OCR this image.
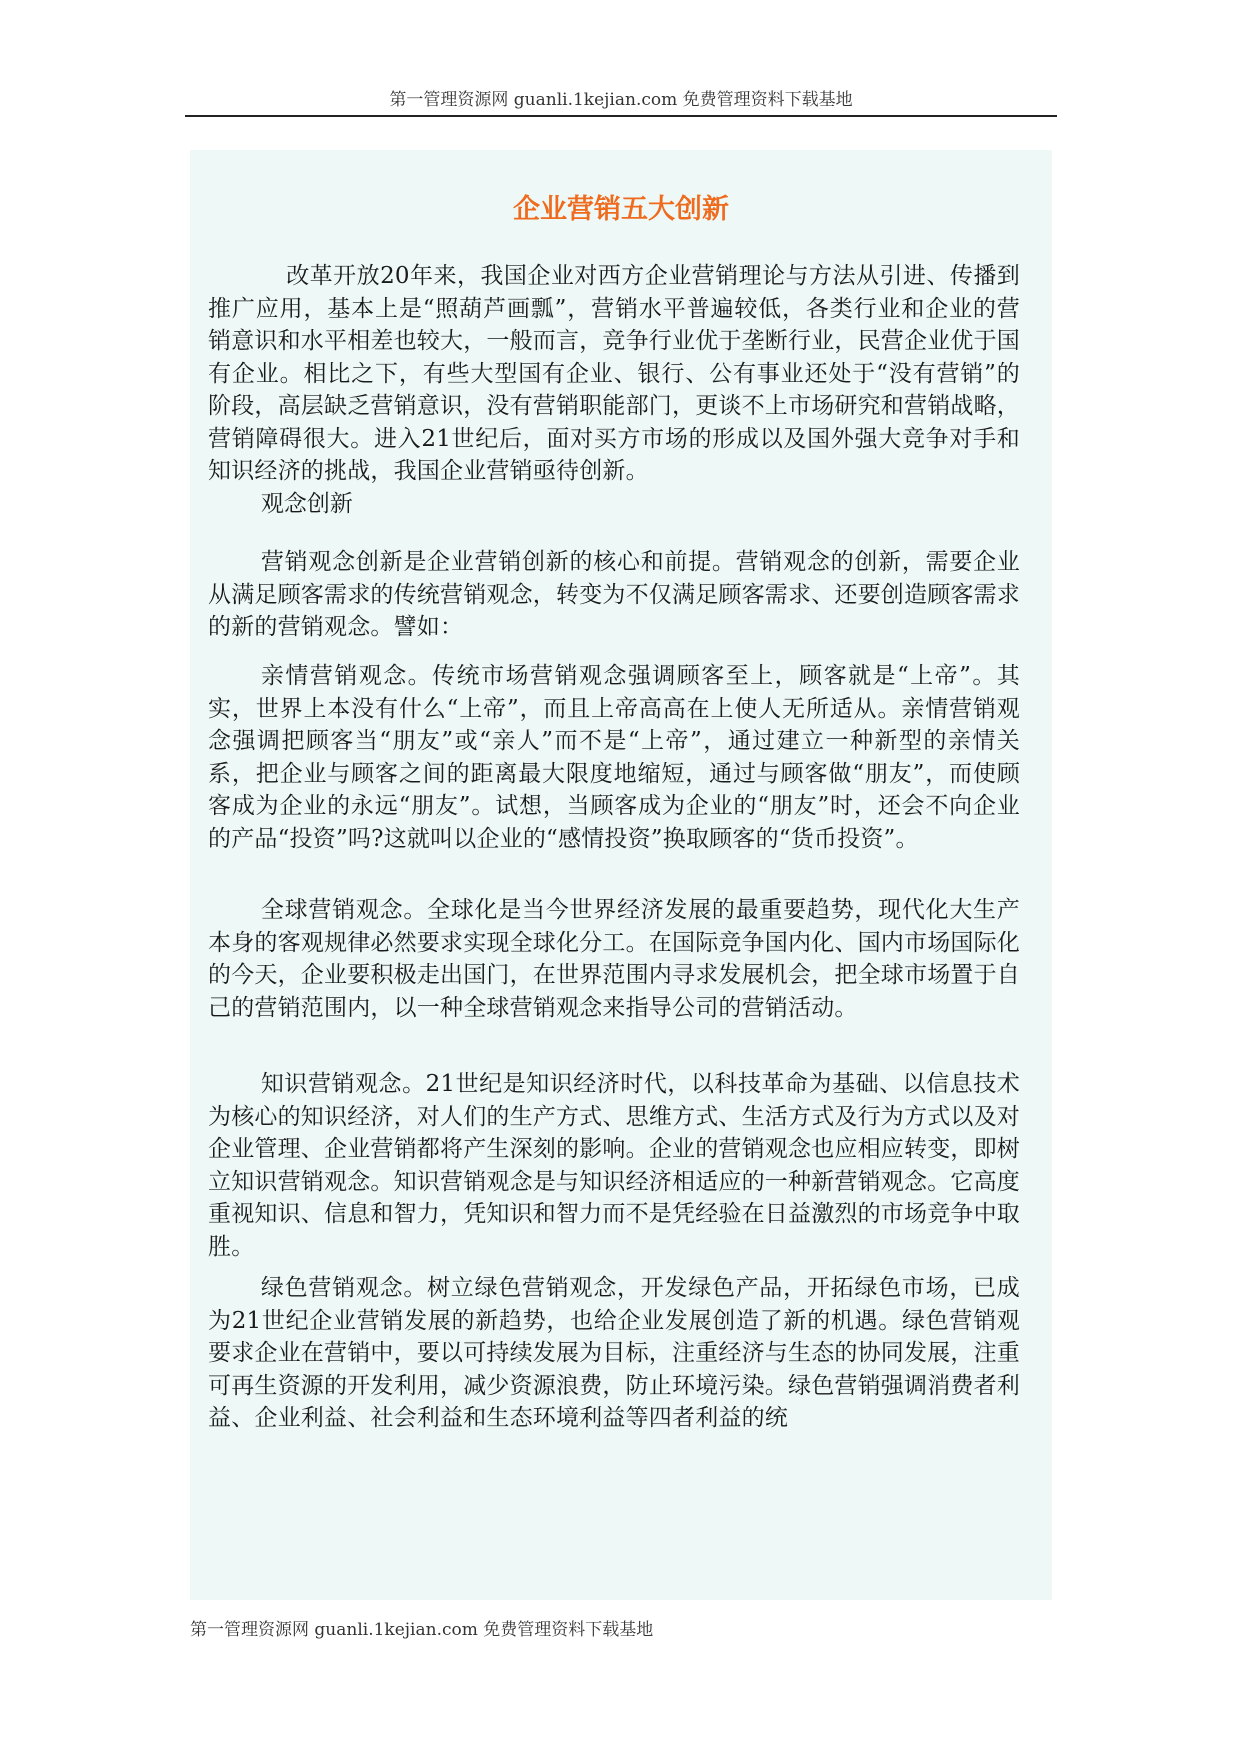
第一管理资源网 guanli.1kejian.com 免费管理资料下载基地
企业营销五大创新

改革开放20年来，我国企业对西方企业营销理论与方法从引进、传播到推广应用，基本上是“照葫芦画瓢”，营销水平普遍较低，各类行业和企业的营销意识和水平相差也较大，一般而言，竞争行业优于垄断行业，民营企业优于国有企业。相比之下，有些大型国有企业、银行、公有事业还处于“没有营销”的阶段，高层缺乏营销意识，没有营销职能部门，更谈不上市场研究和营销战略，营销障碍很大。进入21世纪后，面对买方市场的形成以及国外强大竞争对手和知识经济的挑战，我国企业营销亟待创新。

观念创新

营销观念创新是企业营销创新的核心和前提。营销观念的创新，需要企业从满足顾客需求的传统营销观念，转变为不仅满足顾客需求、还要创造顾客需求的新的营销观念。譬如：

亲情营销观念。传统市场营销观念强调顾客至上，顾客就是“上帝”。其实，世界上本没有什么“上帝”，而且上帝高高在上使人无所适从。亲情营销观念强调把顾客当“朋友”或“亲人”而不是“上帝”，通过建立一种新型的亲情关系，把企业与顾客之间的距离最大限度地缩短，通过与顾客做“朋友”，而使顾客成为企业的永远“朋友”。试想，当顾客成为企业的“朋友”时，还会不向企业的产品“投资”吗?这就叫以企业的“感情投资”换取顾客的“货币投资”。

全球营销观念。全球化是当今世界经济发展的最重要趋势，现代化大生产本身的客观规律必然要求实现全球化分工。在国际竞争国内化、国内市场国际化的今天，企业要积极走出国门，在世界范围内寻求发展机会，把全球市场置于自己的营销范围内，以一种全球营销观念来指导公司的营销活动。

知识营销观念。21世纪是知识经济时代，以科技革命为基础、以信息技术为核心的知识经济，对人们的生产方式、思维方式、生活方式及行为方式以及对企业管理、企业营销都将产生深刻的影响。企业的营销观念也应相应转变，即树立知识营销观念。知识营销观念是与知识经济相适应的一种新营销观念。它高度重视知识、信息和智力，凭知识和智力而不是凭经验在日益激烈的市场竞争中取胜。

绿色营销观念。树立绿色营销观念，开发绿色产品，开拓绿色市场，已成为21世纪企业营销发展的新趋势，也给企业发展创造了新的机遇。绿色营销观要求企业在营销中，要以可持续发展为目标，注重经济与生态的协同发展，注重可再生资源的开发利用，减少资源浪费，防止环境污染。绿色营销强调消费者利益、企业利益、社会利益和生态环境利益等四者利益的统

第一管理资源网 guanli.1kejian.com 免费管理资料下载基地
